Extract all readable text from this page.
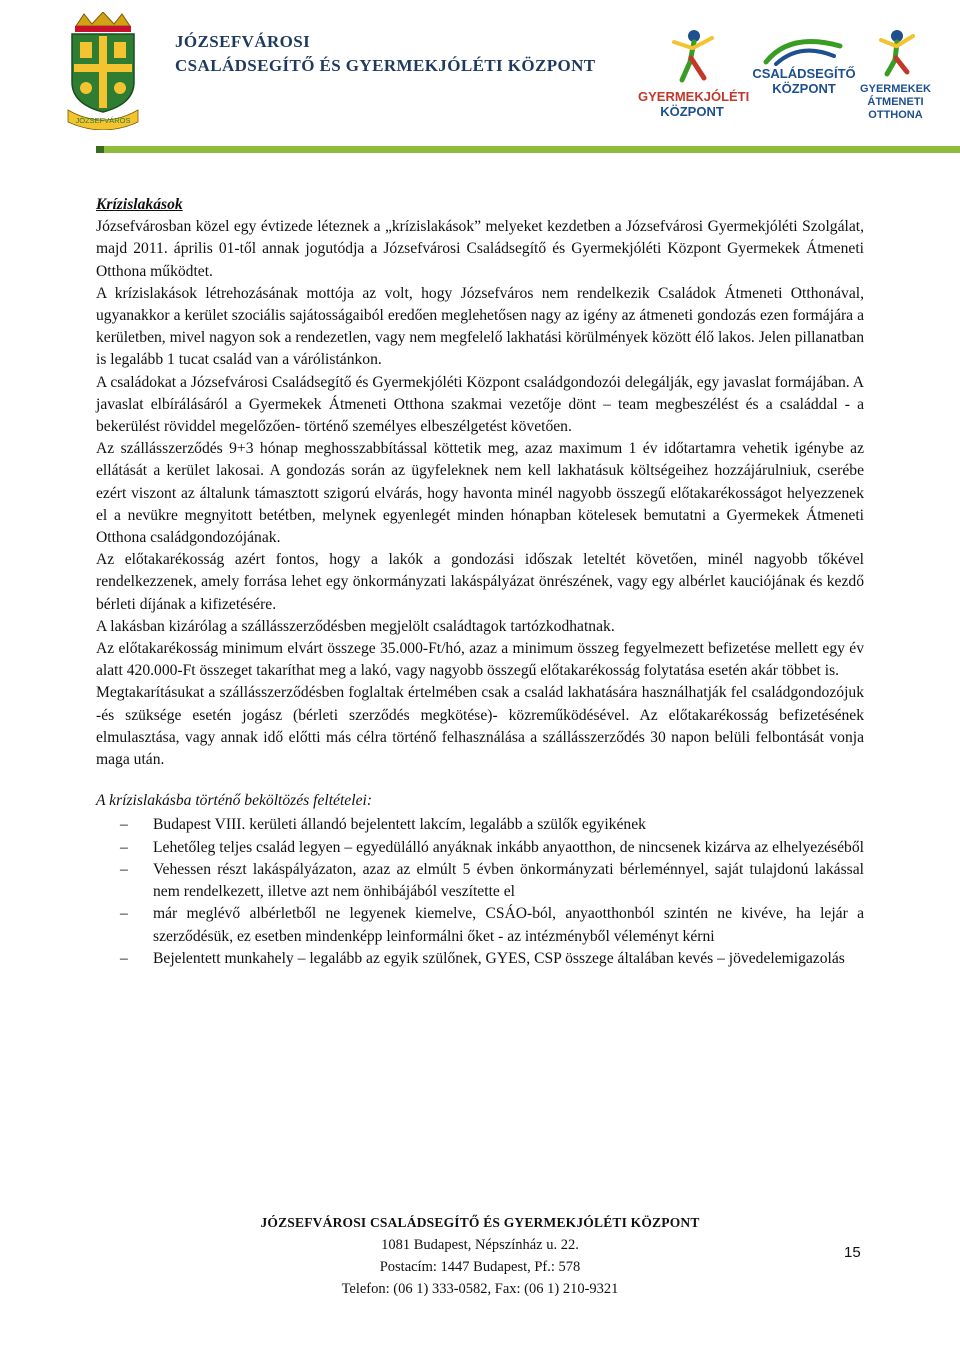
JÓZSEFVÁROS
JÓZSEFVÁROSI
CSALÁDSEGÍTŐ ÉS GYERMEKJÓLÉTI KÖZPONT
GYERMEKJÓLÉTI
KÖZPONT
CSALÁDSEGÍTŐ
KÖZPONT	GYERMEKEK
ÁTMENETI
OTTHONA
Krízislakások

Józsefvárosban közel egy évtizede léteznek a „krízislakások” melyeket kezdetben a Józsefvárosi Gyermekjóléti Szolgálat, majd 2011. április 01-től annak jogutódja a Józsefvárosi Családsegítő és Gyermekjóléti Központ Gyermekek Átmeneti Otthona működtet.

A krízislakások létrehozásának mottója az volt, hogy Józsefváros nem rendelkezik Családok Átmeneti Otthonával, ugyanakkor a kerület szociális sajátosságaiból eredően meglehetősen nagy az igény az átmeneti gondozás ezen formájára a kerületben, mivel nagyon sok a rendezetlen, vagy nem megfelelő lakhatási körülmények között élő lakos. Jelen pillanatban is legalább 1 tucat család van a várólistánkon.

A családokat a Józsefvárosi Családsegítő és Gyermekjóléti Központ családgondozói delegálják, egy javaslat formájában. A javaslat elbírálásáról a Gyermekek Átmeneti Otthona szakmai vezetője dönt – team megbeszélést és a családdal - a bekerülést röviddel megelőzően- történő személyes elbeszélgetést követően.

Az szállásszerződés 9+3 hónap meghosszabbítással köttetik meg, azaz maximum 1 év időtartamra vehetik igénybe az ellátását a kerület lakosai. A gondozás során az ügyfeleknek nem kell lakhatásuk költségeihez hozzájárulniuk, cserébe ezért viszont az általunk támasztott szigorú elvárás, hogy havonta minél nagyobb összegű előtakarékosságot helyezzenek el a nevükre megnyitott betétben, melynek egyenlegét minden hónapban kötelesek bemutatni a Gyermekek Átmeneti Otthona családgondozójának.

Az előtakarékosság azért fontos, hogy a lakók a gondozási időszak leteltét követően, minél nagyobb tőkével rendelkezzenek, amely forrása lehet egy önkormányzati lakáspályázat önrészének, vagy egy albérlet kauciójának és kezdő bérleti díjának a kifizetésére.

A lakásban kizárólag a szállásszerződésben megjelölt családtagok tartózkodhatnak.

Az előtakarékosság minimum elvárt összege 35.000-Ft/hó, azaz a minimum összeg fegyelmezett befizetése mellett egy év alatt 420.000-Ft összeget takaríthat meg a lakó, vagy nagyobb összegű előtakarékosság folytatása esetén akár többet is.

Megtakarításukat a szállásszerződésben foglaltak értelmében csak a család lakhatására használhatják fel családgondozójuk -és szüksége esetén jogász (bérleti szerződés megkötése)- közreműködésével. Az előtakarékosság befizetésének elmulasztása, vagy annak idő előtti más célra történő felhasználása a szállásszerződés 30 napon belüli felbontását vonja maga után.

A krízislakásba történő beköltözés feltételei:
– Budapest VIII. kerületi állandó bejelentett lakcím, legalább a szülők egyikének
– Lehetőleg teljes család legyen – egyedülálló anyáknak inkább anyaotthon, de nincsenek kizárva az elhelyezéséből
– Vehessen részt lakáspályázaton, azaz az elmúlt 5 évben önkormányzati bérleménnyel, saját tulajdonú lakással nem rendelkezett, illetve azt nem önhibájából veszítette el
– már meglévő albérletből ne legyenek kiemelve, CSÁO-ból, anyaotthonból szintén ne kivéve, ha lejár a szerződésük, ez esetben mindenképp leinformálni őket - az intézményből véleményt kérni
– Bejelentett munkahely – legalább az egyik szülőnek, GYES, CSP összege általában kevés – jövedelemigazolás
JÓZSEFVÁROSI CSALÁDSEGÍTŐ ÉS GYERMEKJÓLÉTI KÖZPONT
1081 Budapest, Népszínház u. 22.
Postacím: 1447 Budapest, Pf.: 578
Telefon: (06 1) 333-0582, Fax: (06 1) 210-9321
15
